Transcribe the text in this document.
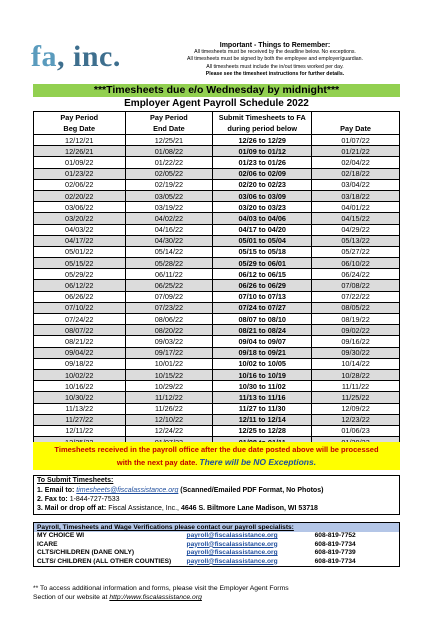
fa, inc.	Important - Things to Remember:
All timesheets must be received by the deadline below. No exceptions.
All timesheets must be signed by both the employee and employer/guardian.
All timesheets must include the in/out times worked per day.
Please see the timesheet instructions for further details.
***Timesheets due e/o Wednesday by midnight***
Employer Agent Payroll Schedule 2022
Pay Period	Pay Period	Submit Timesheets to FA	
Beg Date	End Date	during period below	Pay Date
12/12/21	12/25/21	12/26 to 12/29	01/07/22
12/26/21	01/08/22	01/09 to 01/12	01/21/22
01/09/22	01/22/22	01/23 to 01/26	02/04/22
01/23/22	02/05/22	02/06 to 02/09	02/18/22
02/06/22	02/19/22	02/20 to 02/23	03/04/22
02/20/22	03/05/22	03/06 to 03/09	03/18/22
03/06/22	03/19/22	03/20 to 03/23	04/01/22
03/20/22	04/02/22	04/03 to 04/06	04/15/22
04/03/22	04/16/22	04/17 to 04/20	04/29/22
04/17/22	04/30/22	05/01 to 05/04	05/13/22
05/01/22	05/14/22	05/15 to 05/18	05/27/22
05/15/22	05/28/22	05/29 to 06/01	06/10/22
05/29/22	06/11/22	06/12 to 06/15	06/24/22
06/12/22	06/25/22	06/26 to 06/29	07/08/22
06/26/22	07/09/22	07/10 to 07/13	07/22/22
07/10/22	07/23/22	07/24 to 07/27	08/05/22
07/24/22	08/06/22	08/07 to 08/10	08/19/22
08/07/22	08/20/22	08/21 to 08/24	09/02/22
08/21/22	09/03/22	09/04 to 09/07	09/16/22
09/04/22	09/17/22	09/18 to 09/21	09/30/22
09/18/22	10/01/22	10/02 to 10/05	10/14/22
10/02/22	10/15/22	10/16 to 10/19	10/28/22
10/16/22	10/29/22	10/30 to 11/02	11/11/22
10/30/22	11/12/22	11/13 to 11/16	11/25/22
11/13/22	11/26/22	11/27 to 11/30	12/09/22
11/27/22	12/10/22	12/11 to 12/14	12/23/22
12/11/22	12/24/22	12/25 to 12/28	01/06/23

Timesheets received in the payroll office after the due date posted above will be processed
with the next pay date. There will be NO Exceptions.
To Submit Timesheets:
1. Email to: timesheets@fiscalassistance.org (Scanned/Emailed PDF Format, No Photos)
2. Fax to: 1-844-727-7533
3. Mail or drop off at: Fiscal Assistance, Inc., 4646 S. Biltmore Lane Madison, WI 53718
Payroll, Timesheets and Wage Verifications please contact our payroll specialists:		
MY CHOICE WI	payroll@fiscalassistance.org	608-819-7752
ICARE	payroll@fiscalassistance.org	608-819-7734
CLTS/CHILDREN (DANE ONLY)	payroll@fiscalassistance.org	608-819-7739
CLTS/ CHILDREN (ALL OTHER COUNTIES)	payroll@fiscalassistance.org	608-819-7734
** To access additional information and forms, please visit the Employer Agent Forms
Section of our website at http://www.fiscalassistance.org
